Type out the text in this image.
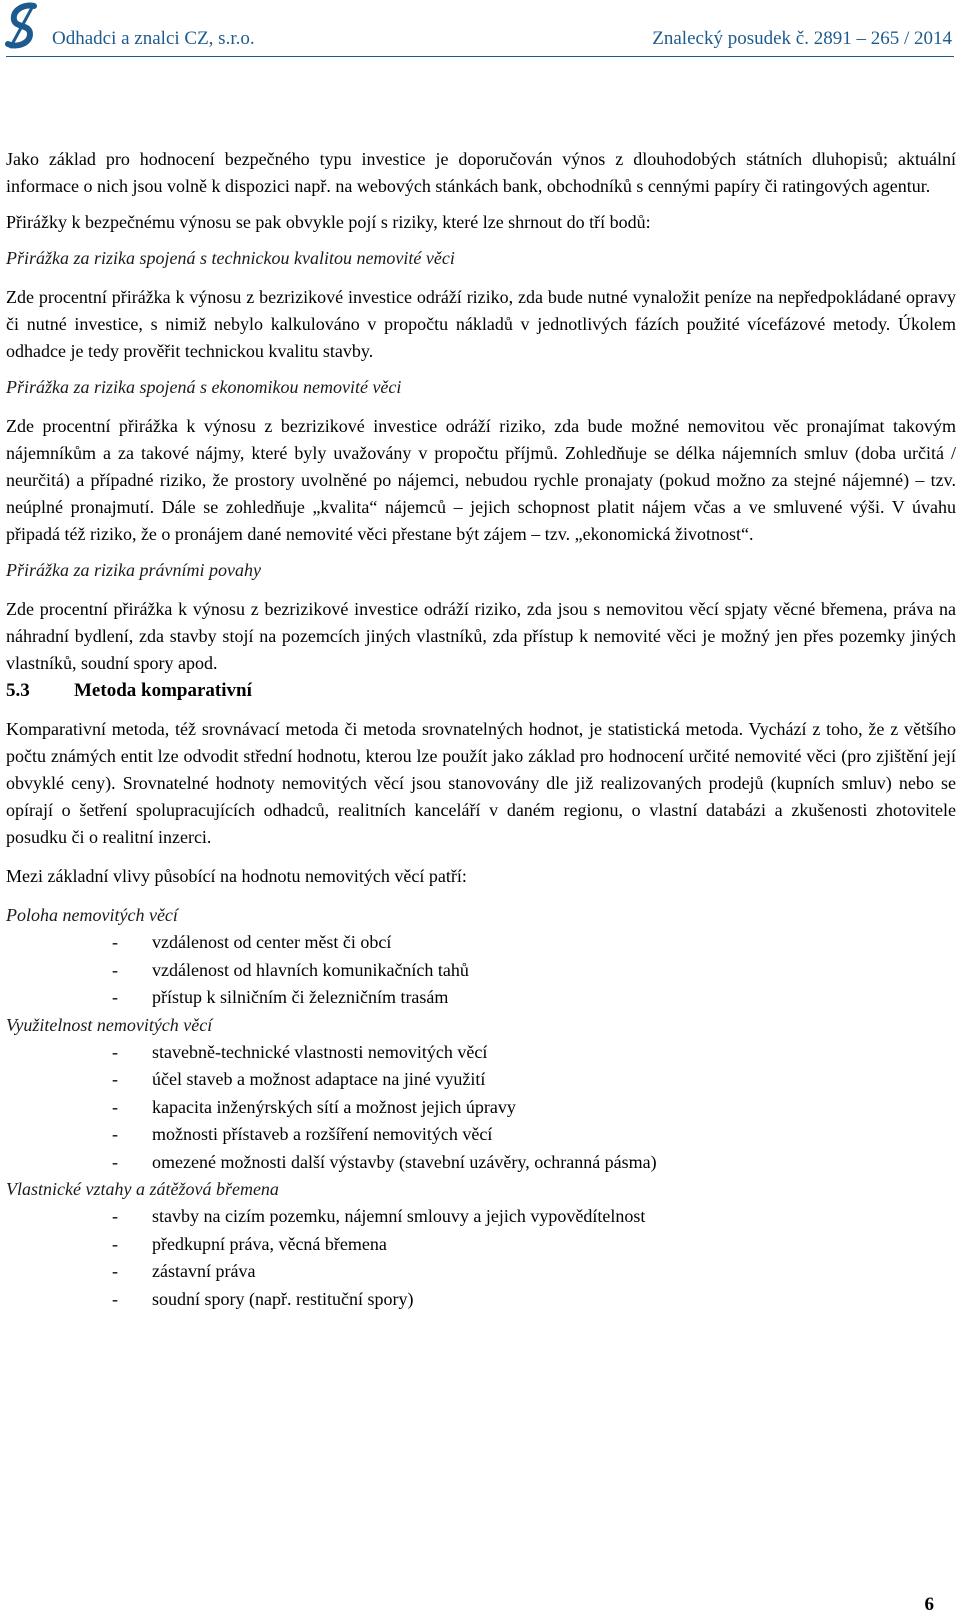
Odhadci a znalci CZ, s.r.o.	Znalecký posudek č. 2891 – 265 / 2014

Jako základ pro hodnocení bezpečného typu investice je doporučován výnos z dlouhodobých státních dluhopisů; aktuální informace o nich jsou volně k dispozici např. na webových stánkách bank, obchodníků s cennými papíry či ratingových agentur.

Přirážky k bezpečnému výnosu se pak obvykle pojí s riziky, které lze shrnout do tří bodů:

Přirážka za rizika spojená s technickou kvalitou nemovité věci

Zde procentní přirážka k výnosu z bezrizikové investice odráží riziko, zda bude nutné vynaložit peníze na nepředpokládané opravy či nutné investice, s nimiž nebylo kalkulováno v propočtu nákladů v jednotlivých fázích použité vícefázové metody. Úkolem odhadce je tedy prověřit technickou kvalitu stavby.

Přirážka za rizika spojená s ekonomikou nemovité věci

Zde procentní přirážka k výnosu z bezrizikové investice odráží riziko, zda bude možné nemovitou věc pronajímat takovým nájemníkům a za takové nájmy, které byly uvažovány v propočtu příjmů. Zohledňuje se délka nájemních smluv (doba určitá / neurčitá) a případné riziko, že prostory uvolněné po nájemci, nebudou rychle pronajaty (pokud možno za stejné nájemné) – tzv. neúplné pronajmutí. Dále se zohledňuje „kvalita“ nájemců – jejich schopnost platit nájem včas a ve smluvené výši. V úvahu připadá též riziko, že o pronájem dané nemovité věci přestane být zájem – tzv. „ekonomická životnost“.

Přirážka za rizika právními povahy

Zde procentní přirážka k výnosu z bezrizikové investice odráží riziko, zda jsou s nemovitou věcí spjaty věcné břemena, práva na náhradní bydlení, zda stavby stojí na pozemcích jiných vlastníků, zda přístup k nemovité věci je možný jen přes pozemky jiných vlastníků, soudní spory apod.

5.3 Metoda komparativní

Komparativní metoda, též srovnávací metoda či metoda srovnatelných hodnot, je statistická metoda. Vychází z toho, že z většího počtu známých entit lze odvodit střední hodnotu, kterou lze použít jako základ pro hodnocení určité nemovité věci (pro zjištění její obvyklé ceny). Srovnatelné hodnoty nemovitých věcí jsou stanovovány dle již realizovaných prodejů (kupních smluv) nebo se opírají o šetření spolupracujících odhadců, realitních kanceláří v daném regionu, o vlastní databázi a zkušenosti zhotovitele posudku či o realitní inzerci.

Mezi základní vlivy působící na hodnotu nemovitých věcí patří:

Poloha nemovitých věcí

- vzdálenost od center měst či obcí
- vzdálenost od hlavních komunikačních tahů
- přístup k silničním či železničním trasám

Využitelnost nemovitých věcí

- stavebně-technické vlastnosti nemovitých věcí
- účel staveb a možnost adaptace na jiné využití
- kapacita inženýrských sítí a možnost jejich úpravy
- možnosti přístaveb a rozšíření nemovitých věcí
- omezené možnosti další výstavby (stavební uzávěry, ochranná pásma)

Vlastnické vztahy a zátěžová břemena

- stavby na cizím pozemku, nájemní smlouvy a jejich vypovědítelnost
- předkupní práva, věcná břemena
- zástavní práva
- soudní spory (např. restituční spory)
6
